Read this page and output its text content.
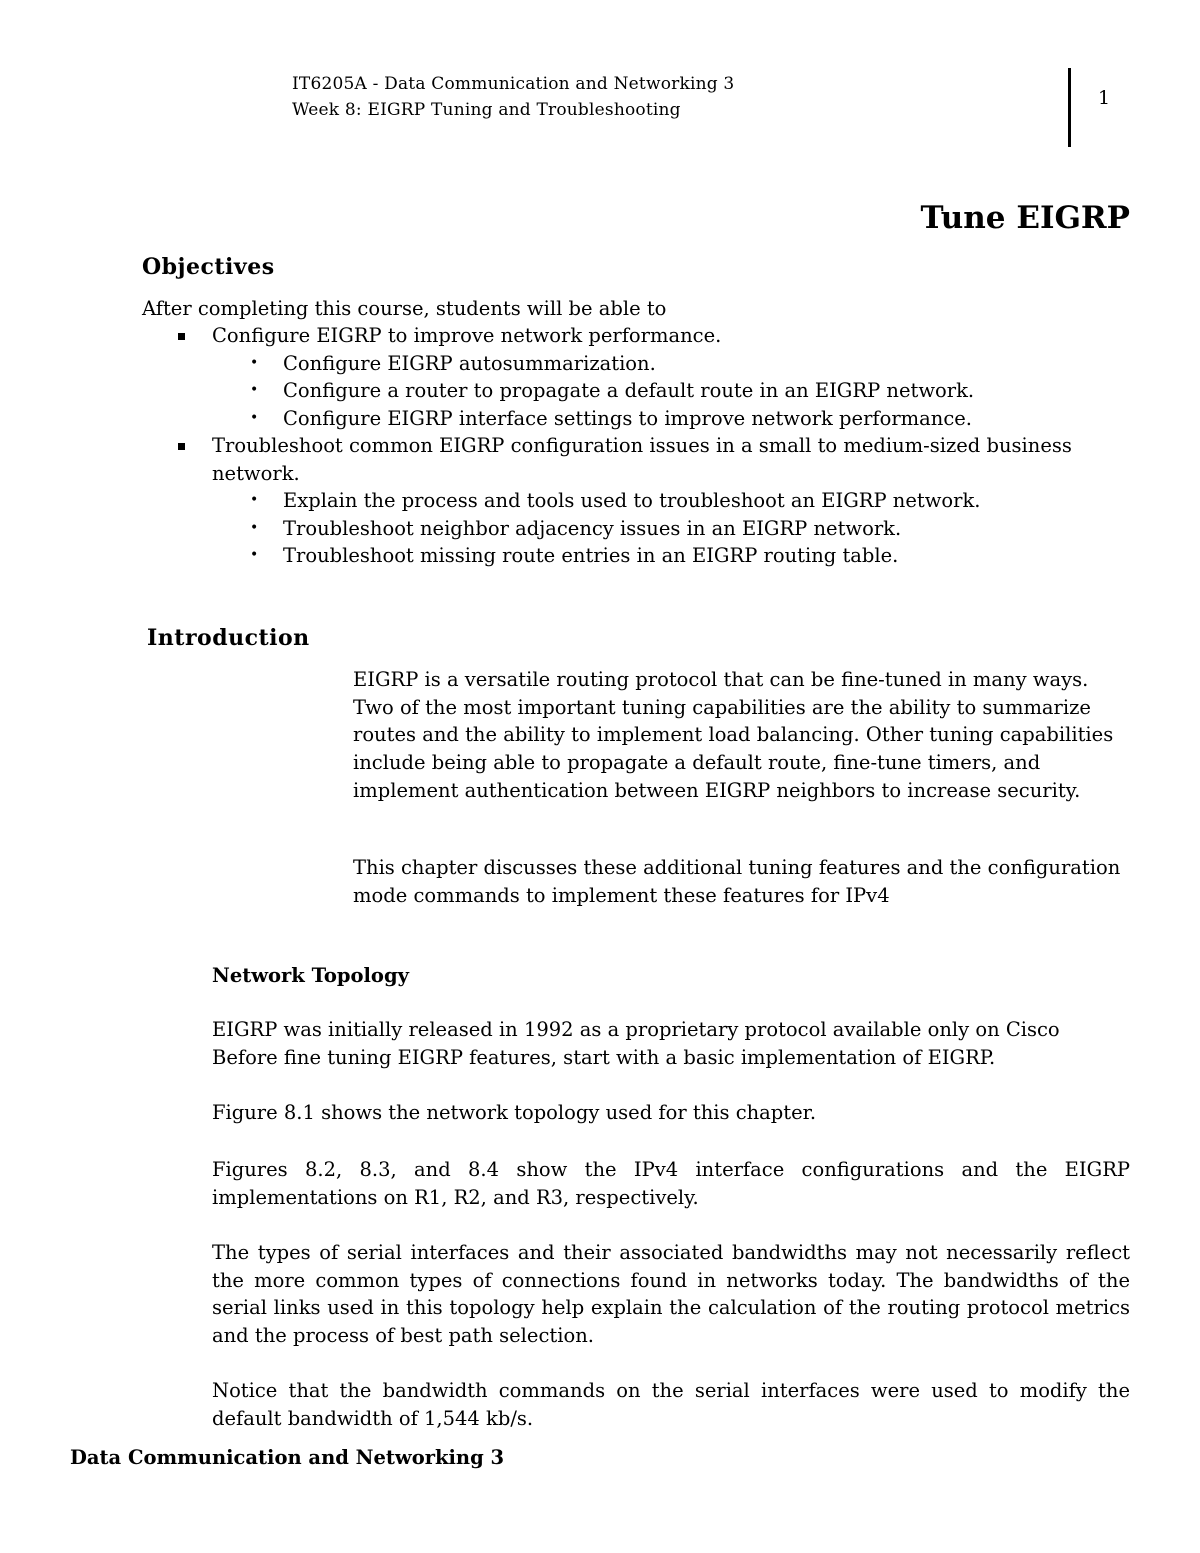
IT6205A - Data Communication and Networking 3
Week 8: EIGRP Tuning and Troubleshooting
1
Tune EIGRP
Objectives
After completing this course, students will be able to
Configure EIGRP to improve network performance.
• Configure EIGRP autosummarization.
• Configure a router to propagate a default route in an EIGRP network.
• Configure EIGRP interface settings to improve network performance.
Troubleshoot common EIGRP configuration issues in a small to medium-sized business
network.
• Explain the process and tools used to troubleshoot an EIGRP network.
• Troubleshoot neighbor adjacency issues in an EIGRP network.
• Troubleshoot missing route entries in an EIGRP routing table.
Introduction
EIGRP is a versatile routing protocol that can be fine-tuned in many ways.
Two of the most important tuning capabilities are the ability to summarize
routes and the ability to implement load balancing. Other tuning capabilities
include being able to propagate a default route, fine-tune timers, and
implement authentication between EIGRP neighbors to increase security.
This chapter discusses these additional tuning features and the configuration
mode commands to implement these features for IPv4
Network Topology
EIGRP was initially released in 1992 as a proprietary protocol available only on Cisco
Before fine tuning EIGRP features, start with a basic implementation of EIGRP.
Figure 8.1 shows the network topology used for this chapter.
Figures 8.2, 8.3, and 8.4 show the IPv4 interface configurations and the EIGRP implementations on R1, R2, and R3, respectively.
The types of serial interfaces and their associated bandwidths may not necessarily reflect the more common types of connections found in networks today. The bandwidths of the serial links used in this topology help explain the calculation of the routing protocol metrics and the process of best path selection.
Notice that the bandwidth commands on the serial interfaces were used to modify the default bandwidth of 1,544 kb/s.
Data Communication and Networking 3
